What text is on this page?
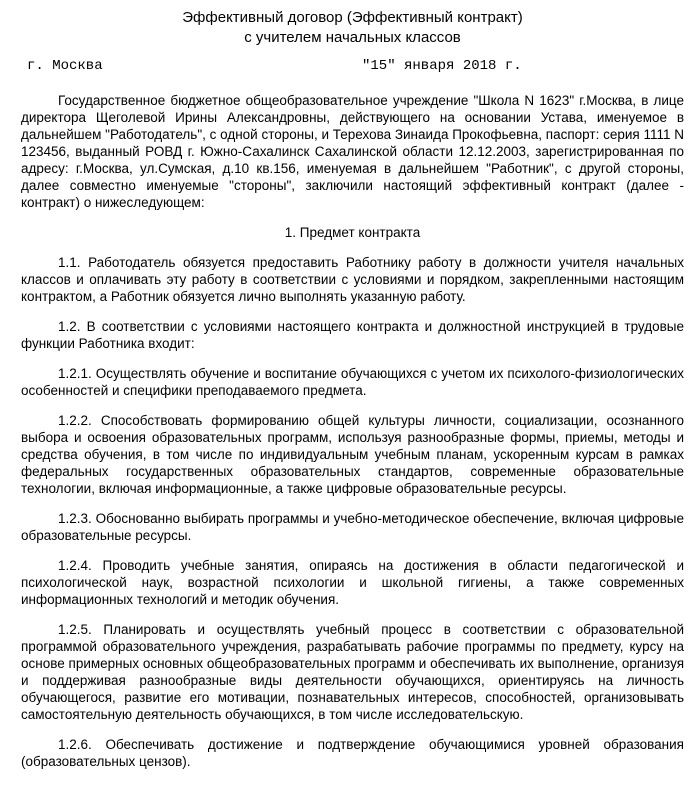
Эффективный договор (Эффективный контракт)
с учителем начальных классов

г. Москва

	"15" января 2018 г.

Государственное бюджетное общеобразовательное учреждение "Школа N 1623" г.Москва, в лице директора Щеголевой Ирины Александровны, действующего на основании Устава, именуемое в дальнейшем "Работодатель", с одной стороны, и Терехова Зинаида Прокофьевна, паспорт: серия 1111 N 123456, выданный РОВД г. Южно-Сахалинск Сахалинской области 12.12.2003, зарегистрированная по адресу: г.Москва, ул.Сумская, д.10 кв.156, именуемая в дальнейшем "Работник", с другой стороны, далее совместно именуемые "стороны", заключили настоящий эффективный контракт (далее - контракт) о нижеследующем:

1. Предмет контракта

1.1. Работодатель обязуется предоставить Работнику работу в должности учителя начальных классов и оплачивать эту работу в соответствии с условиями и порядком, закрепленными настоящим контрактом, а Работник обязуется лично выполнять указанную работу.

1.2. В соответствии с условиями настоящего контракта и должностной инструкцией в трудовые функции Работника входит:

1.2.1. Осуществлять обучение и воспитание обучающихся с учетом их психолого-физиологических особенностей и специфики преподаваемого предмета.

1.2.2. Способствовать формированию общей культуры личности, социализации, осознанного выбора и освоения образовательных программ, используя разнообразные формы, приемы, методы и средства обучения, в том числе по индивидуальным учебным планам, ускоренным курсам в рамках федеральных государственных образовательных стандартов, современные образовательные технологии, включая информационные, а также цифровые образовательные ресурсы.

1.2.3. Обоснованно выбирать программы и учебно-методическое обеспечение, включая цифровые образовательные ресурсы.

1.2.4. Проводить учебные занятия, опираясь на достижения в области педагогической и психологической наук, возрастной психологии и школьной гигиены, а также современных информационных технологий и методик обучения.

1.2.5. Планировать и осуществлять учебный процесс в соответствии с образовательной программой образовательного учреждения, разрабатывать рабочие программы по предмету, курсу на основе примерных основных общеобразовательных программ и обеспечивать их выполнение, организуя и поддерживая разнообразные виды деятельности обучающихся, ориентируясь на личность обучающегося, развитие его мотивации, познавательных интересов, способностей, организовывать самостоятельную деятельность обучающихся, в том числе исследовательскую.

1.2.6. Обеспечивать достижение и подтверждение обучающимися уровней образования (образовательных цензов).
